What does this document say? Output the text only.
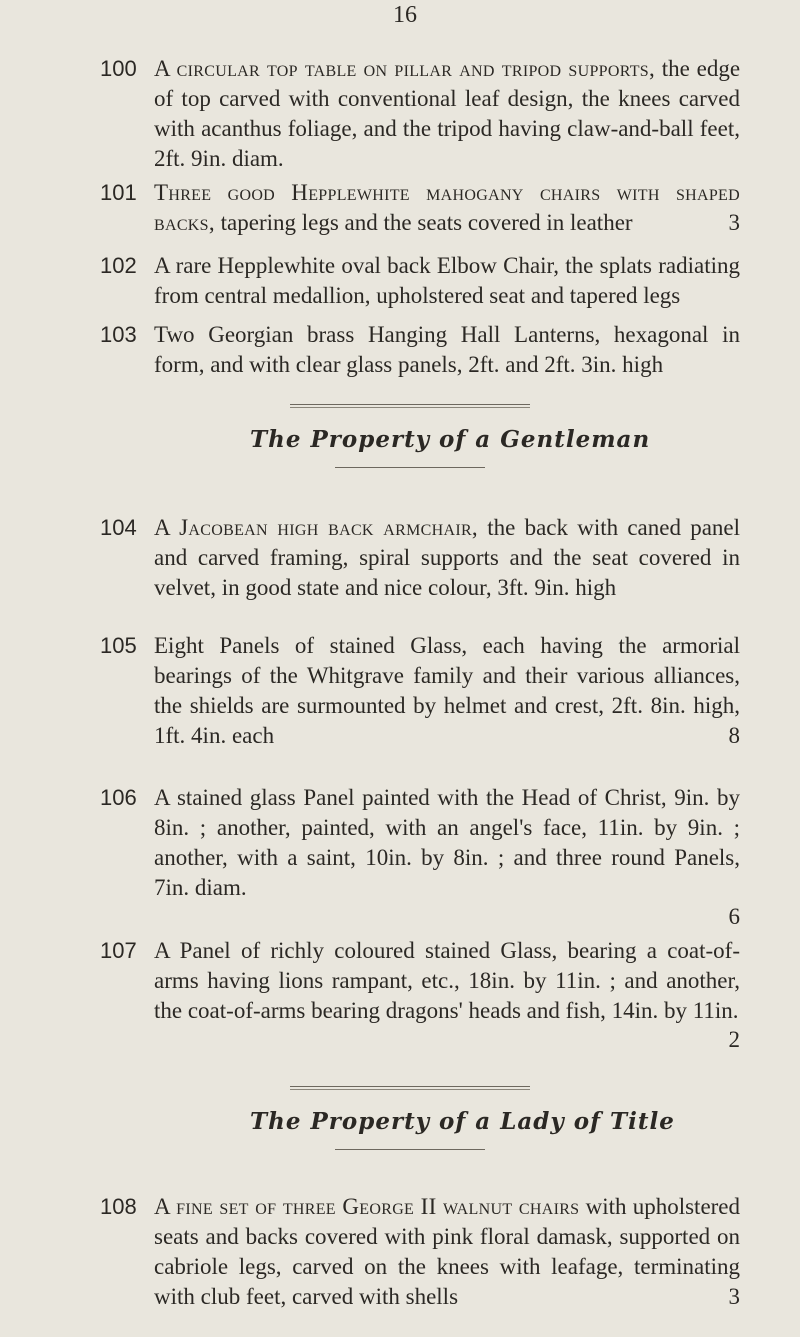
16
100 A circular top table on pillar and tripod supports, the edge of top carved with conventional leaf design, the knees carved with acanthus foliage, and the tripod having claw-and-ball feet, 2ft. 9in. diam.
101 Three good Hepplewhite mahogany chairs with shaped backs, tapering legs and the seats covered in leather	3
102 A rare Hepplewhite oval back Elbow Chair, the splats radiating from central medallion, upholstered seat and tapered legs
103 Two Georgian brass Hanging Hall Lanterns, hexagonal in form, and with clear glass panels, 2ft. and 2ft. 3in. high
The Property of a Gentleman
104 A Jacobean high back armchair, the back with caned panel and carved framing, spiral supports and the seat covered in velvet, in good state and nice colour, 3ft. 9in. high
105 Eight Panels of stained Glass, each having the armorial bearings of the Whitgrave family and their various alliances, the shields are surmounted by helmet and crest, 2ft. 8in. high, 1ft. 4in. each	8
106 A stained glass Panel painted with the Head of Christ, 9in. by 8in. ; another, painted, with an angel's face, 11in. by 9in. ; another, with a saint, 10in. by 8in. ; and three round Panels, 7in. diam.
6
107 A Panel of richly coloured stained Glass, bearing a coat-of-arms having lions rampant, etc., 18in. by 11in. ; and another, the coat-of-arms bearing dragons' heads and fish, 14in. by 11in.
2
The Property of a Lady of Title
108 A fine set of three George II walnut chairs with upholstered seats and backs covered with pink floral damask, supported on cabriole legs, carved on the knees with leafage, terminating with club feet, carved with shells	3
